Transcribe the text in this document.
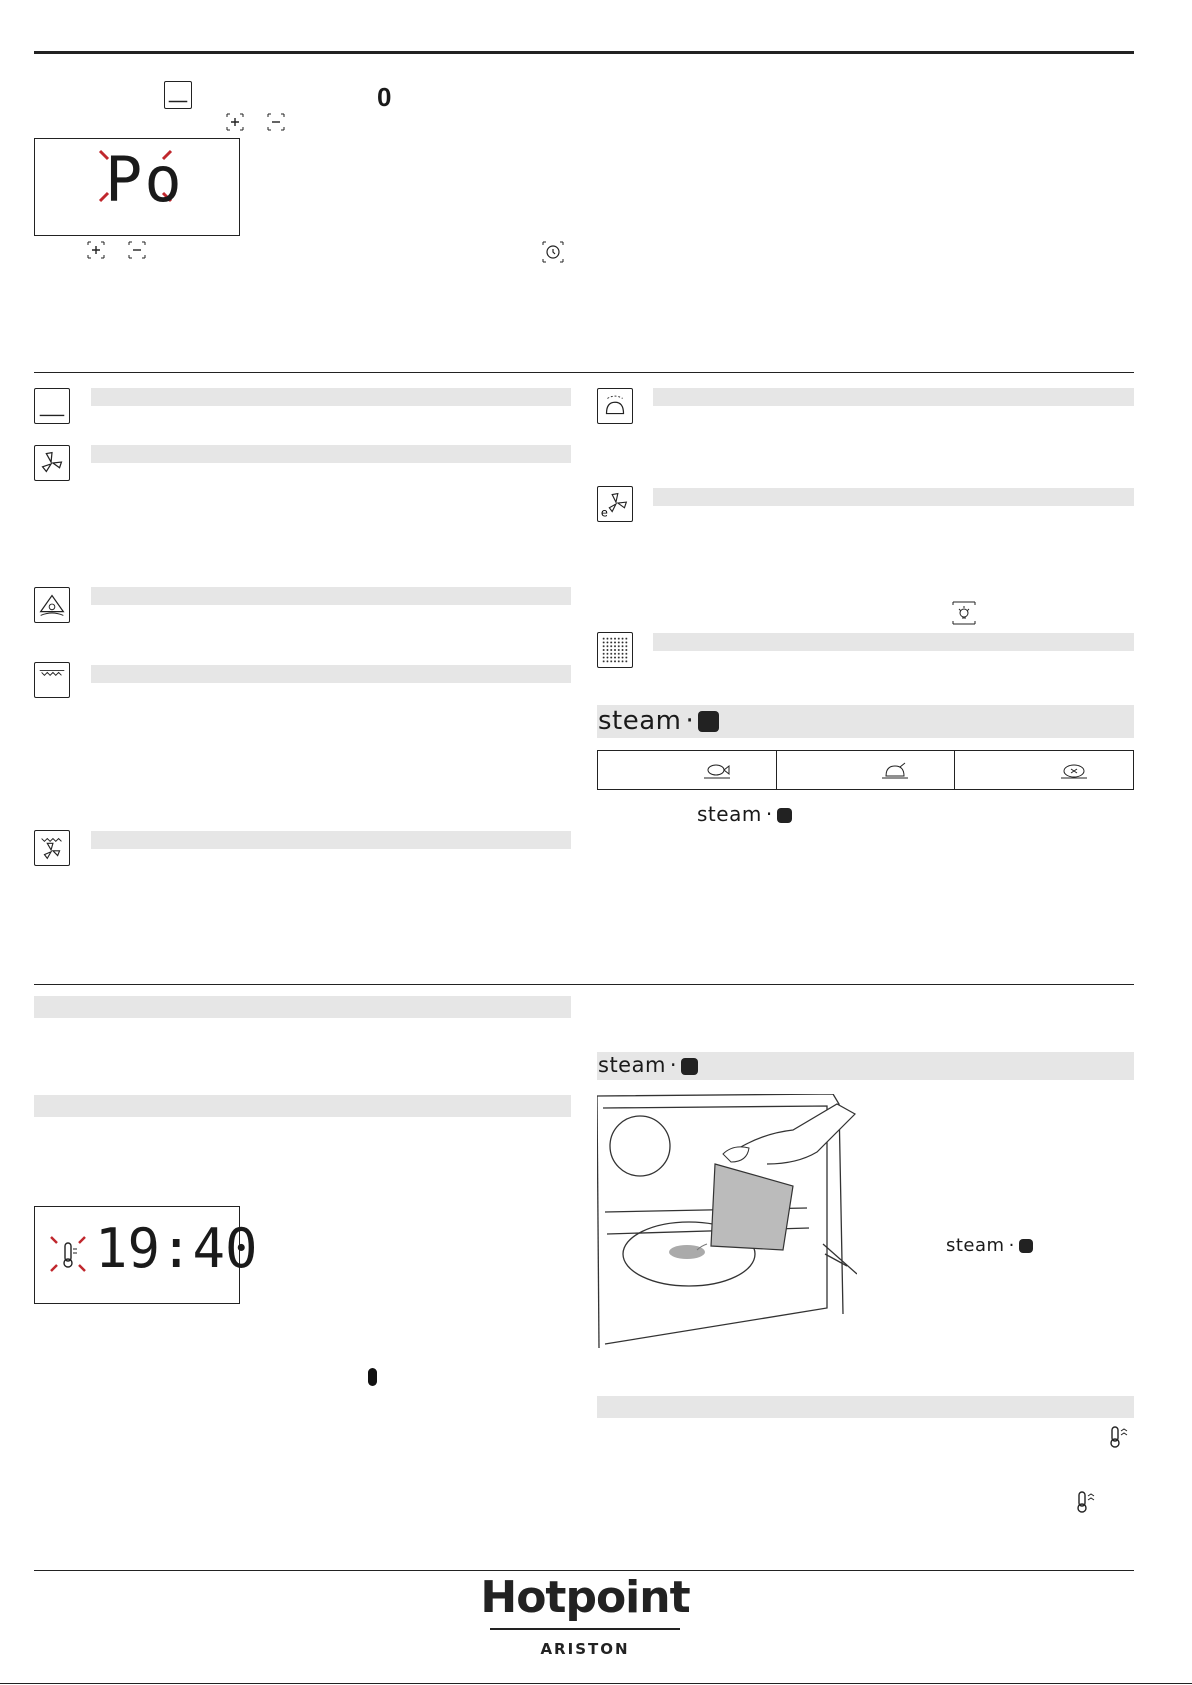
0
Po
e
steam ·
steam ·
19:40
steam ·
steam ·
Hotpoint
ARISTON
